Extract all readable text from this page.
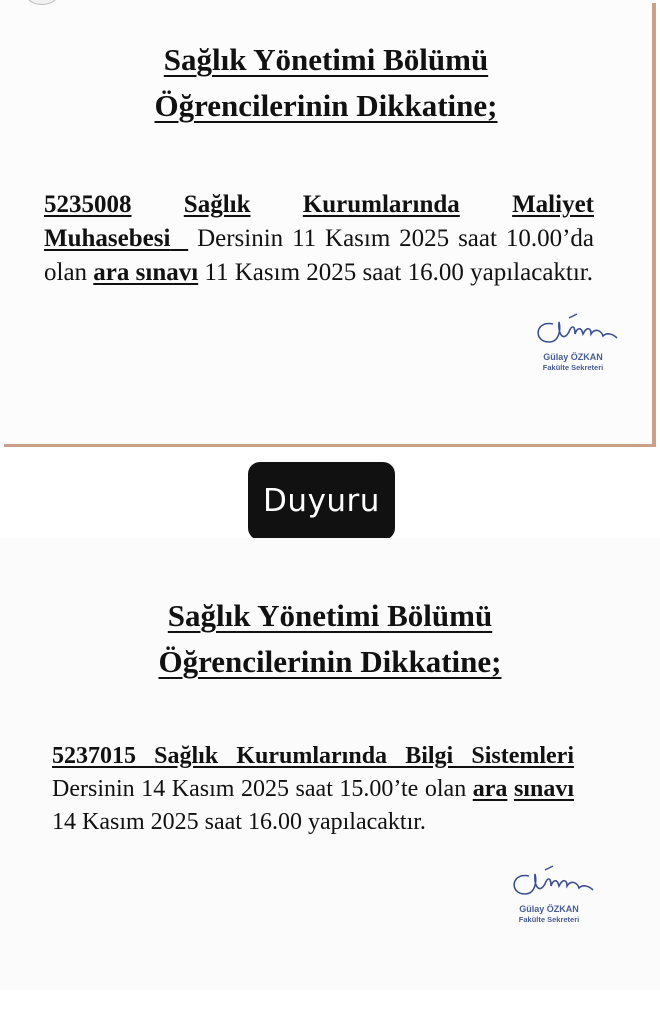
Sağlık Yönetimi Bölümü
Öğrencilerinin Dikkatine;
5235008 Sağlık Kurumlarında Maliyet
Muhasebesi Dersinin 11 Kasım 2025 saat 10.00’da olan ara sınavı 11 Kasım 2025 saat 16.00 yapılacaktır.
Gülay ÖZKAN
Fakülte Sekreteri
Duyuru
Sağlık Yönetimi Bölümü
Öğrencilerinin Dikkatine;
5237015 Sağlık Kurumlarında Bilgi Sistemleri Dersinin 14 Kasım 2025 saat 15.00’te olan ara sınavı 14 Kasım 2025 saat 16.00 yapılacaktır.
Gülay ÖZKAN
Fakülte Sekreteri
